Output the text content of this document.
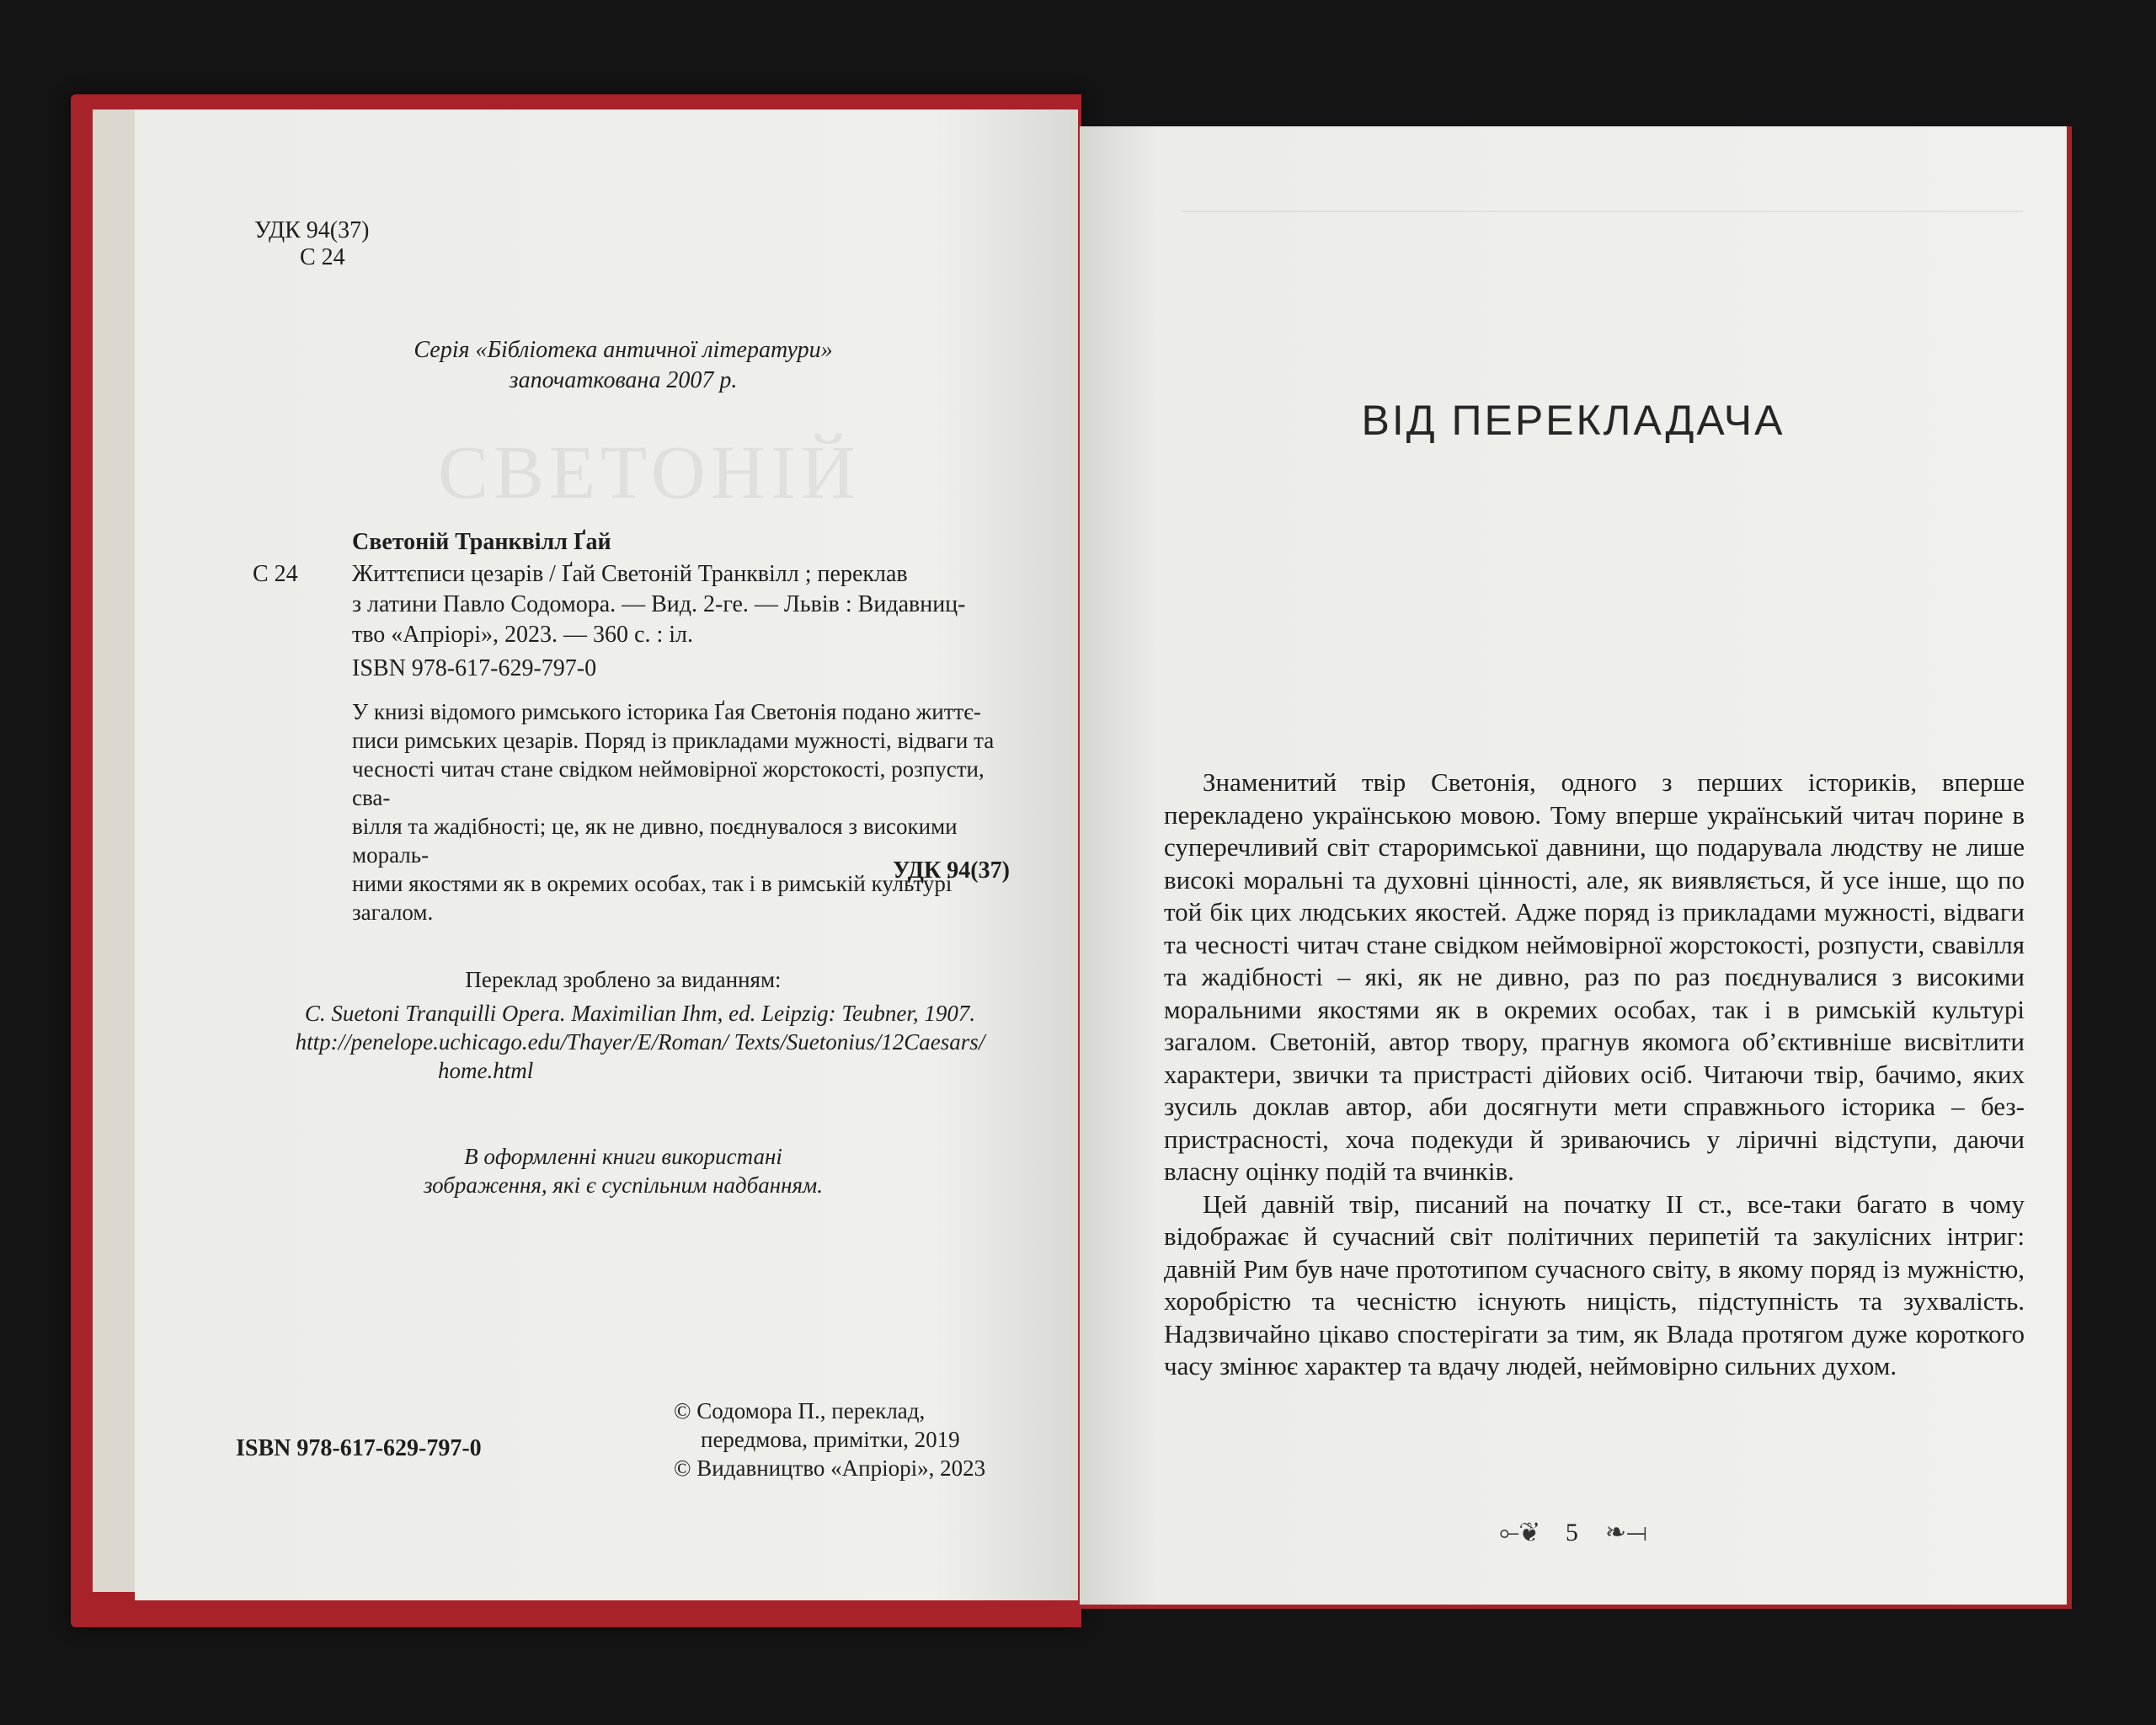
СВЕТОНІЙ
УДК 94(37)
С 24
Серія «Бібліотека античної літератури»
започаткована 2007 р.
Светоній Транквілл Ґай
С 24 Життєписи цезарів / Ґай Светоній Транквілл ; переклав
з латини Павло Содомора. — Вид. 2-ге. — Львів : Видавниц-
тво «Апріорі», 2023. — 360 с. : іл.
ISBN 978-617-629-797-0
У книзі відомого римського історика Ґая Светонія подано життє-
писи римських цезарів. Поряд із прикладами мужності, відваги та
чесності читач стане свідком неймовірної жорстокості, розпусти, сва-
вілля та жадібності; це, як не дивно, поєднувалося з високими мораль-
ними якостями як в окремих особах, так і в римській культурі загалом.
УДК 94(37)
Переклад зроблено за виданням:
C. Suetoni Tranquilli Opera. Maximilian Ihm, ed. Leipzig: Teubner, 1907.
http://penelope.uchicago.edu/Thayer/E/Roman/ Texts/Suetonius/12Caesars/
home.html
В оформленні книги використані
зображення, які є суспільним надбанням.
ISBN 978-617-629-797-0
© Содомора П., переклад,
передмова, примітки, 2019
© Видавництво «Апріорі», 2023
ВІД ПЕРЕКЛАДАЧА

Знаменитий твір Светонія, одного з перших істориків, вперше перекладено українською мовою. Тому вперше український читач порине в суперечливий світ староримської давнини, що подарувала людству не лише високі моральні та духовні цінності, але, як виявляється, й усе інше, що по той бік цих людських якостей. Адже поряд із прикладами мужності, відваги та чесності читач стане свідком неймовірної жорстокості, розпусти, свавілля та жадібності – які, як не дивно, раз по раз поєднувалися з високими моральними якостями як в окремих особах, так і в римській культурі загалом. Светоній, автор твору, прагнув якомога об’єктивніше висвітлити характери, звички та пристрасті дійових осіб. Читаючи твір, бачимо, яких зусиль доклав автор, аби досягнути мети справжнього історика – безпристрасності, хоча подекуди й зриваючись у ліричні відступи, даючи власну оцінку подій та вчинків.

Цей давній твір, писаний на початку II ст., все-таки багато в чому відображає й сучасний світ політичних перипетій та закулісних інтриг: давній Рим був наче прототипом сучасного світу, в якому поряд із мужністю, хоробрістю та чесністю існують ницість, підступність та зухвалість. Надзвичайно цікаво спостерігати за тим, як Влада протягом дуже короткого часу змінює характер та вдачу людей, неймовірно сильних духом.

⟜❦ 5 ❧⟞
